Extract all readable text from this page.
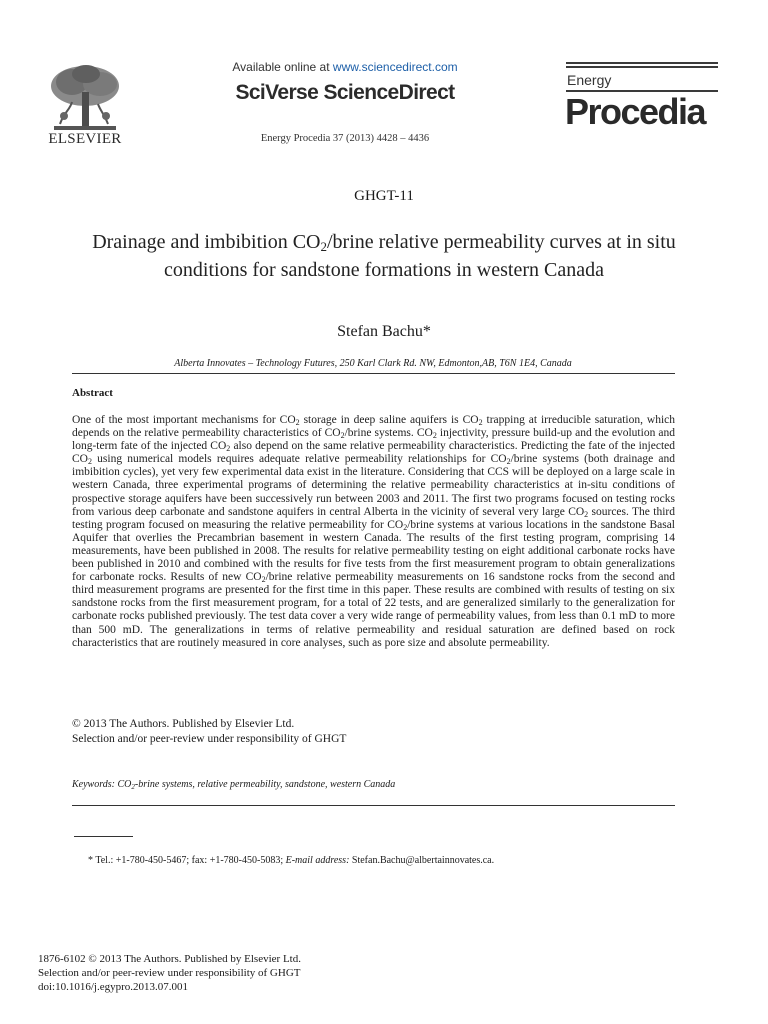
ELSEVIER
Available online at www.sciencedirect.com
SciVerse ScienceDirect
Energy Procedia 37 (2013) 4428 – 4436
Energy
Procedia
GHGT-11
Drainage and imbibition $CO_2$/brine relative permeability curves at in situ conditions for sandstone formations in western Canada
Stefan Bachu*
Alberta Innovates – Technology Futures, 250 Karl Clark Rd. NW, Edmonton,AB, T6N 1E4, Canada
Abstract
One of the most important mechanisms for $CO_2$ storage in deep saline aquifers is $CO_2$ trapping at irreducible saturation, which depends on the relative permeability characteristics of $CO_2$/brine systems. $CO_2$ injectivity, pressure build-up and the evolution and long-term fate of the injected $CO_2$ also depend on the same relative permeability characteristics. Predicting the fate of the injected $CO_2$ using numerical models requires adequate relative permeability relationships for $CO_2$/brine systems (both drainage and imbibition cycles), yet very few experimental data exist in the literature. Considering that CCS will be deployed on a large scale in western Canada, three experimental programs of determining the relative permeability characteristics at in-situ conditions of prospective storage aquifers have been successively run between 2003 and 2011. The first two programs focused on testing rocks from various deep carbonate and sandstone aquifers in central Alberta in the vicinity of several very large $CO_2$ sources. The third testing program focused on measuring the relative permeability for $CO_2$/brine systems at various locations in the sandstone Basal Aquifer that overlies the Precambrian basement in western Canada. The results of the first testing program, comprising 14 measurements, have been published in 2008. The results for relative permeability testing on eight additional carbonate rocks have been published in 2010 and combined with the results for five tests from the first measurement program to obtain generalizations for carbonate rocks. Results of new $CO_2$/brine relative permeability measurements on 16 sandstone rocks from the second and third measurement programs are presented for the first time in this paper. These results are combined with results of testing on six sandstone rocks from the first measurement program, for a total of 22 tests, and are generalized similarly to the generalization for carbonate rocks published previously. The test data cover a very wide range of permeability values, from less than 0.1 mD to more than 500 mD. The generalizations in terms of relative permeability and residual saturation are defined based on rock characteristics that are routinely measured in core analyses, such as pore size and absolute permeability.
© 2013 The Authors. Published by Elsevier Ltd.
Selection and/or peer-review under responsibility of GHGT
Keywords: $CO_2$-brine systems, relative permeability, sandstone, western Canada
* Tel.: +1-780-450-5467; fax: +1-780-450-5083; E-mail address: Stefan.Bachu@albertainnovates.ca.
1876-6102 © 2013 The Authors. Published by Elsevier Ltd.
Selection and/or peer-review under responsibility of GHGT
doi:10.1016/j.egypro.2013.07.001
